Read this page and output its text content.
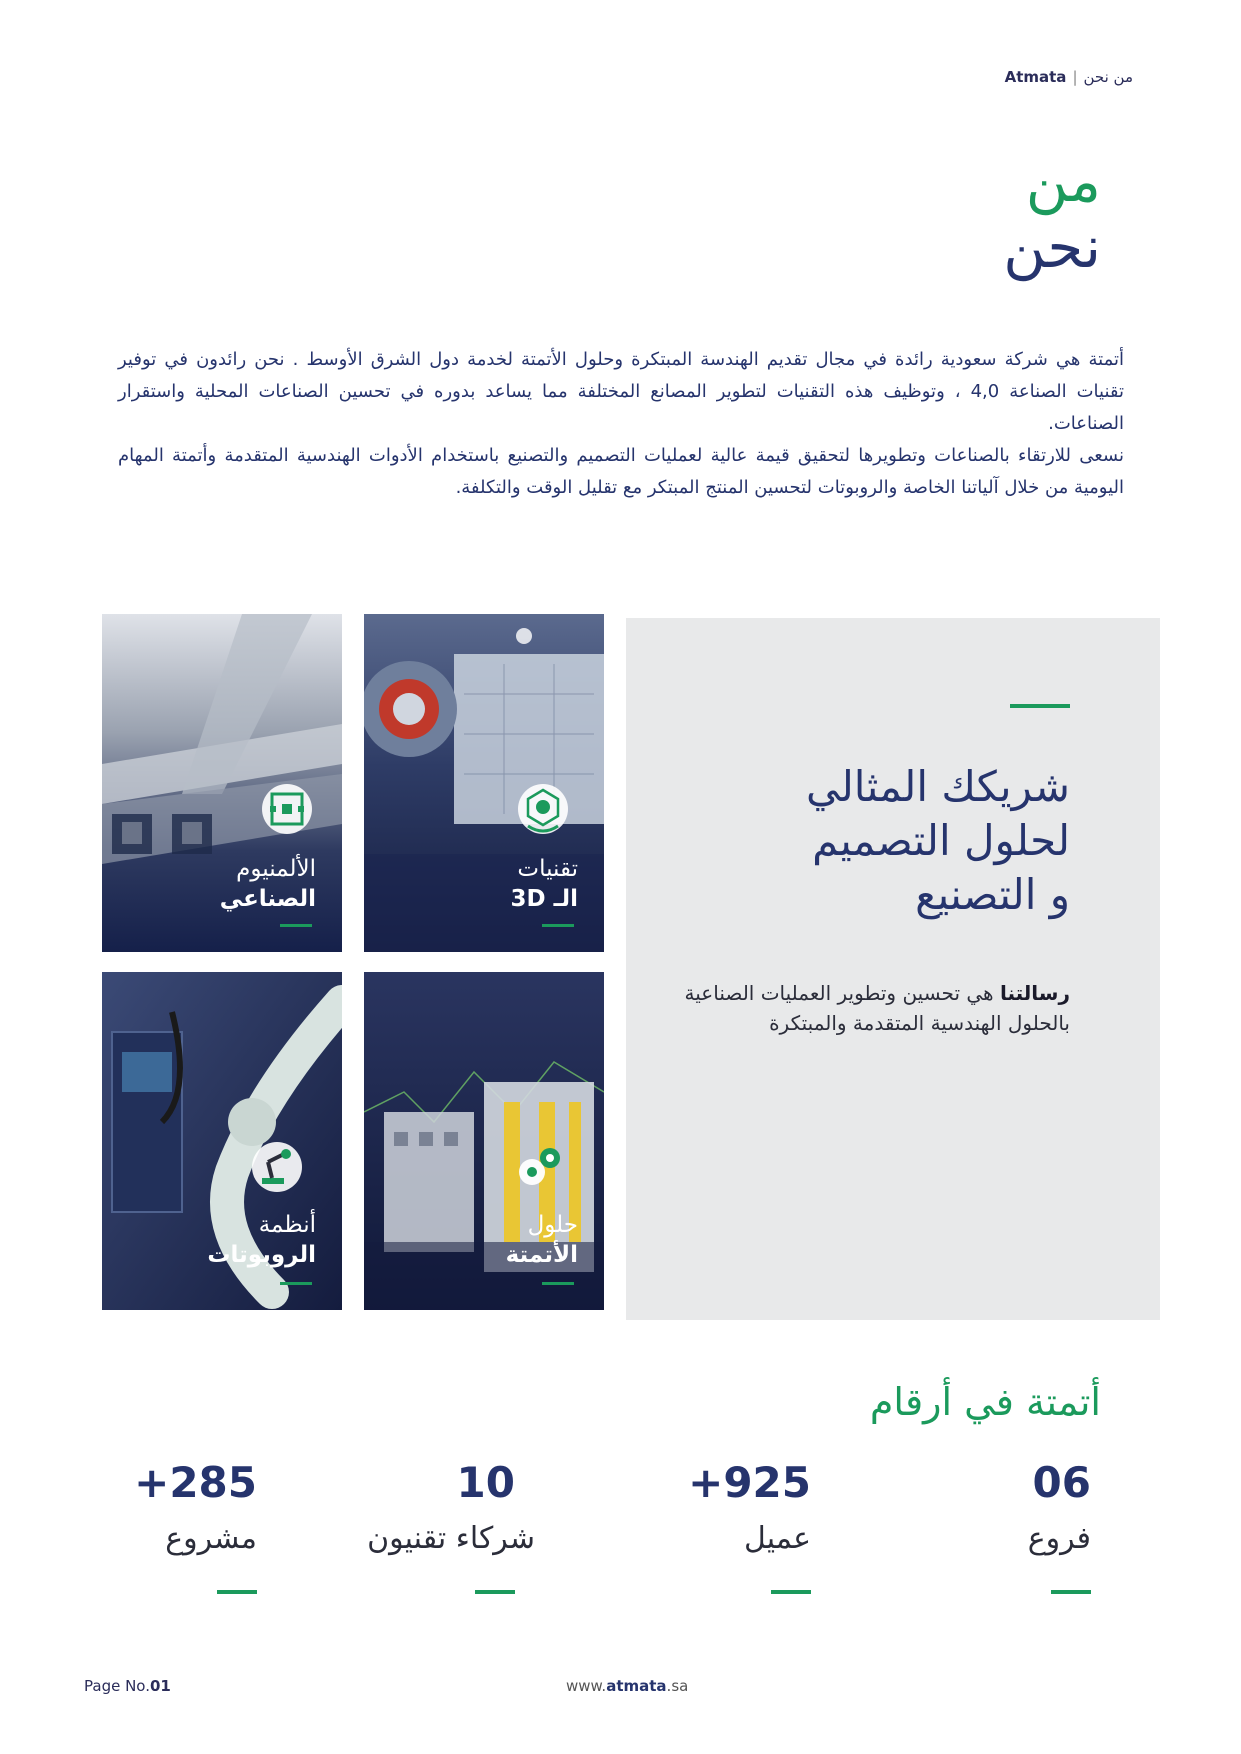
من نحن
|
Atmata
من
نحن

أتمتة هي شركة سعودية رائدة في مجال تقديم الهندسة المبتكرة وحلول الأتمتة لخدمة دول الشرق الأوسط . نحن رائدون في توفير تقنيات الصناعة 4,0 ، وتوظيف هذه التقنيات لتطوير المصانع المختلفة مما يساعد بدوره في تحسين الصناعات المحلية واستقرار الصناعات.

نسعى للارتقاء بالصناعات وتطويرها لتحقيق قيمة عالية لعمليات التصميم والتصنيع باستخدام الأدوات الهندسية المتقدمة وأتمتة المهام اليومية من خلال آلياتنا الخاصة والروبوتات لتحسين المنتج المبتكر مع تقليل الوقت والتكلفة.

الألمنيوم
الصناعي
تقنيات
الـ 3D
أنظمة
الروبوتات
حلول
الأتمتة
شريكك المثالي
لحلول التصميم
و التصنيع
رسالتنا هي تحسين وتطوير العمليات الصناعية بالحلول الهندسية المتقدمة والمبتكرة
أتمتة في أرقام
06
فروع
+925
عميل
10
شركاء تقنيون
+285
مشروع
Page No.01	www.atmata.sa
